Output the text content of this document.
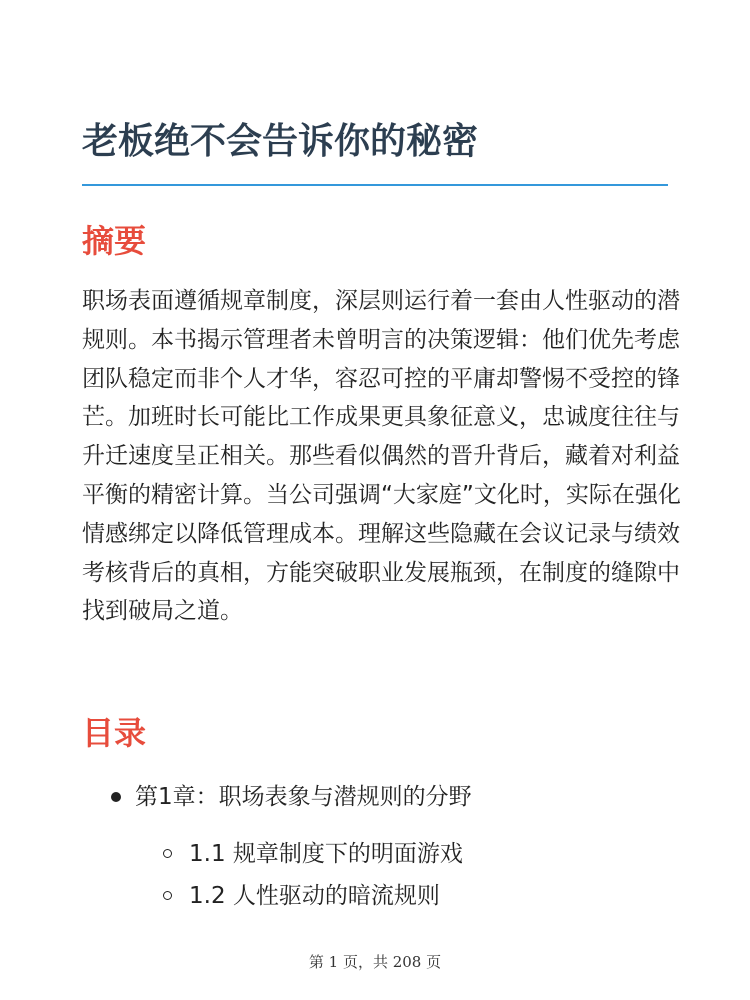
老板绝不会告诉你的秘密
摘要

职场表面遵循规章制度，深层则运行着一套由人性驱动的潜规则。本书揭示管理者未曾明言的决策逻辑：他们优先考虑团队稳定而非个人才华，容忍可控的平庸却警惕不受控的锋芒。加班时长可能比工作成果更具象征意义，忠诚度往往与升迁速度呈正相关。那些看似偶然的晋升背后，藏着对利益平衡的精密计算。当公司强调“大家庭”文化时，实际在强化情感绑定以降低管理成本。理解这些隐藏在会议记录与绩效考核背后的真相，方能突破职业发展瓶颈，在制度的缝隙中找到破局之道。

目录
第1章：职场表象与潜规则的分野
1.1 规章制度下的明面游戏
1.2 人性驱动的暗流规则
第 1 页，共 208 页
